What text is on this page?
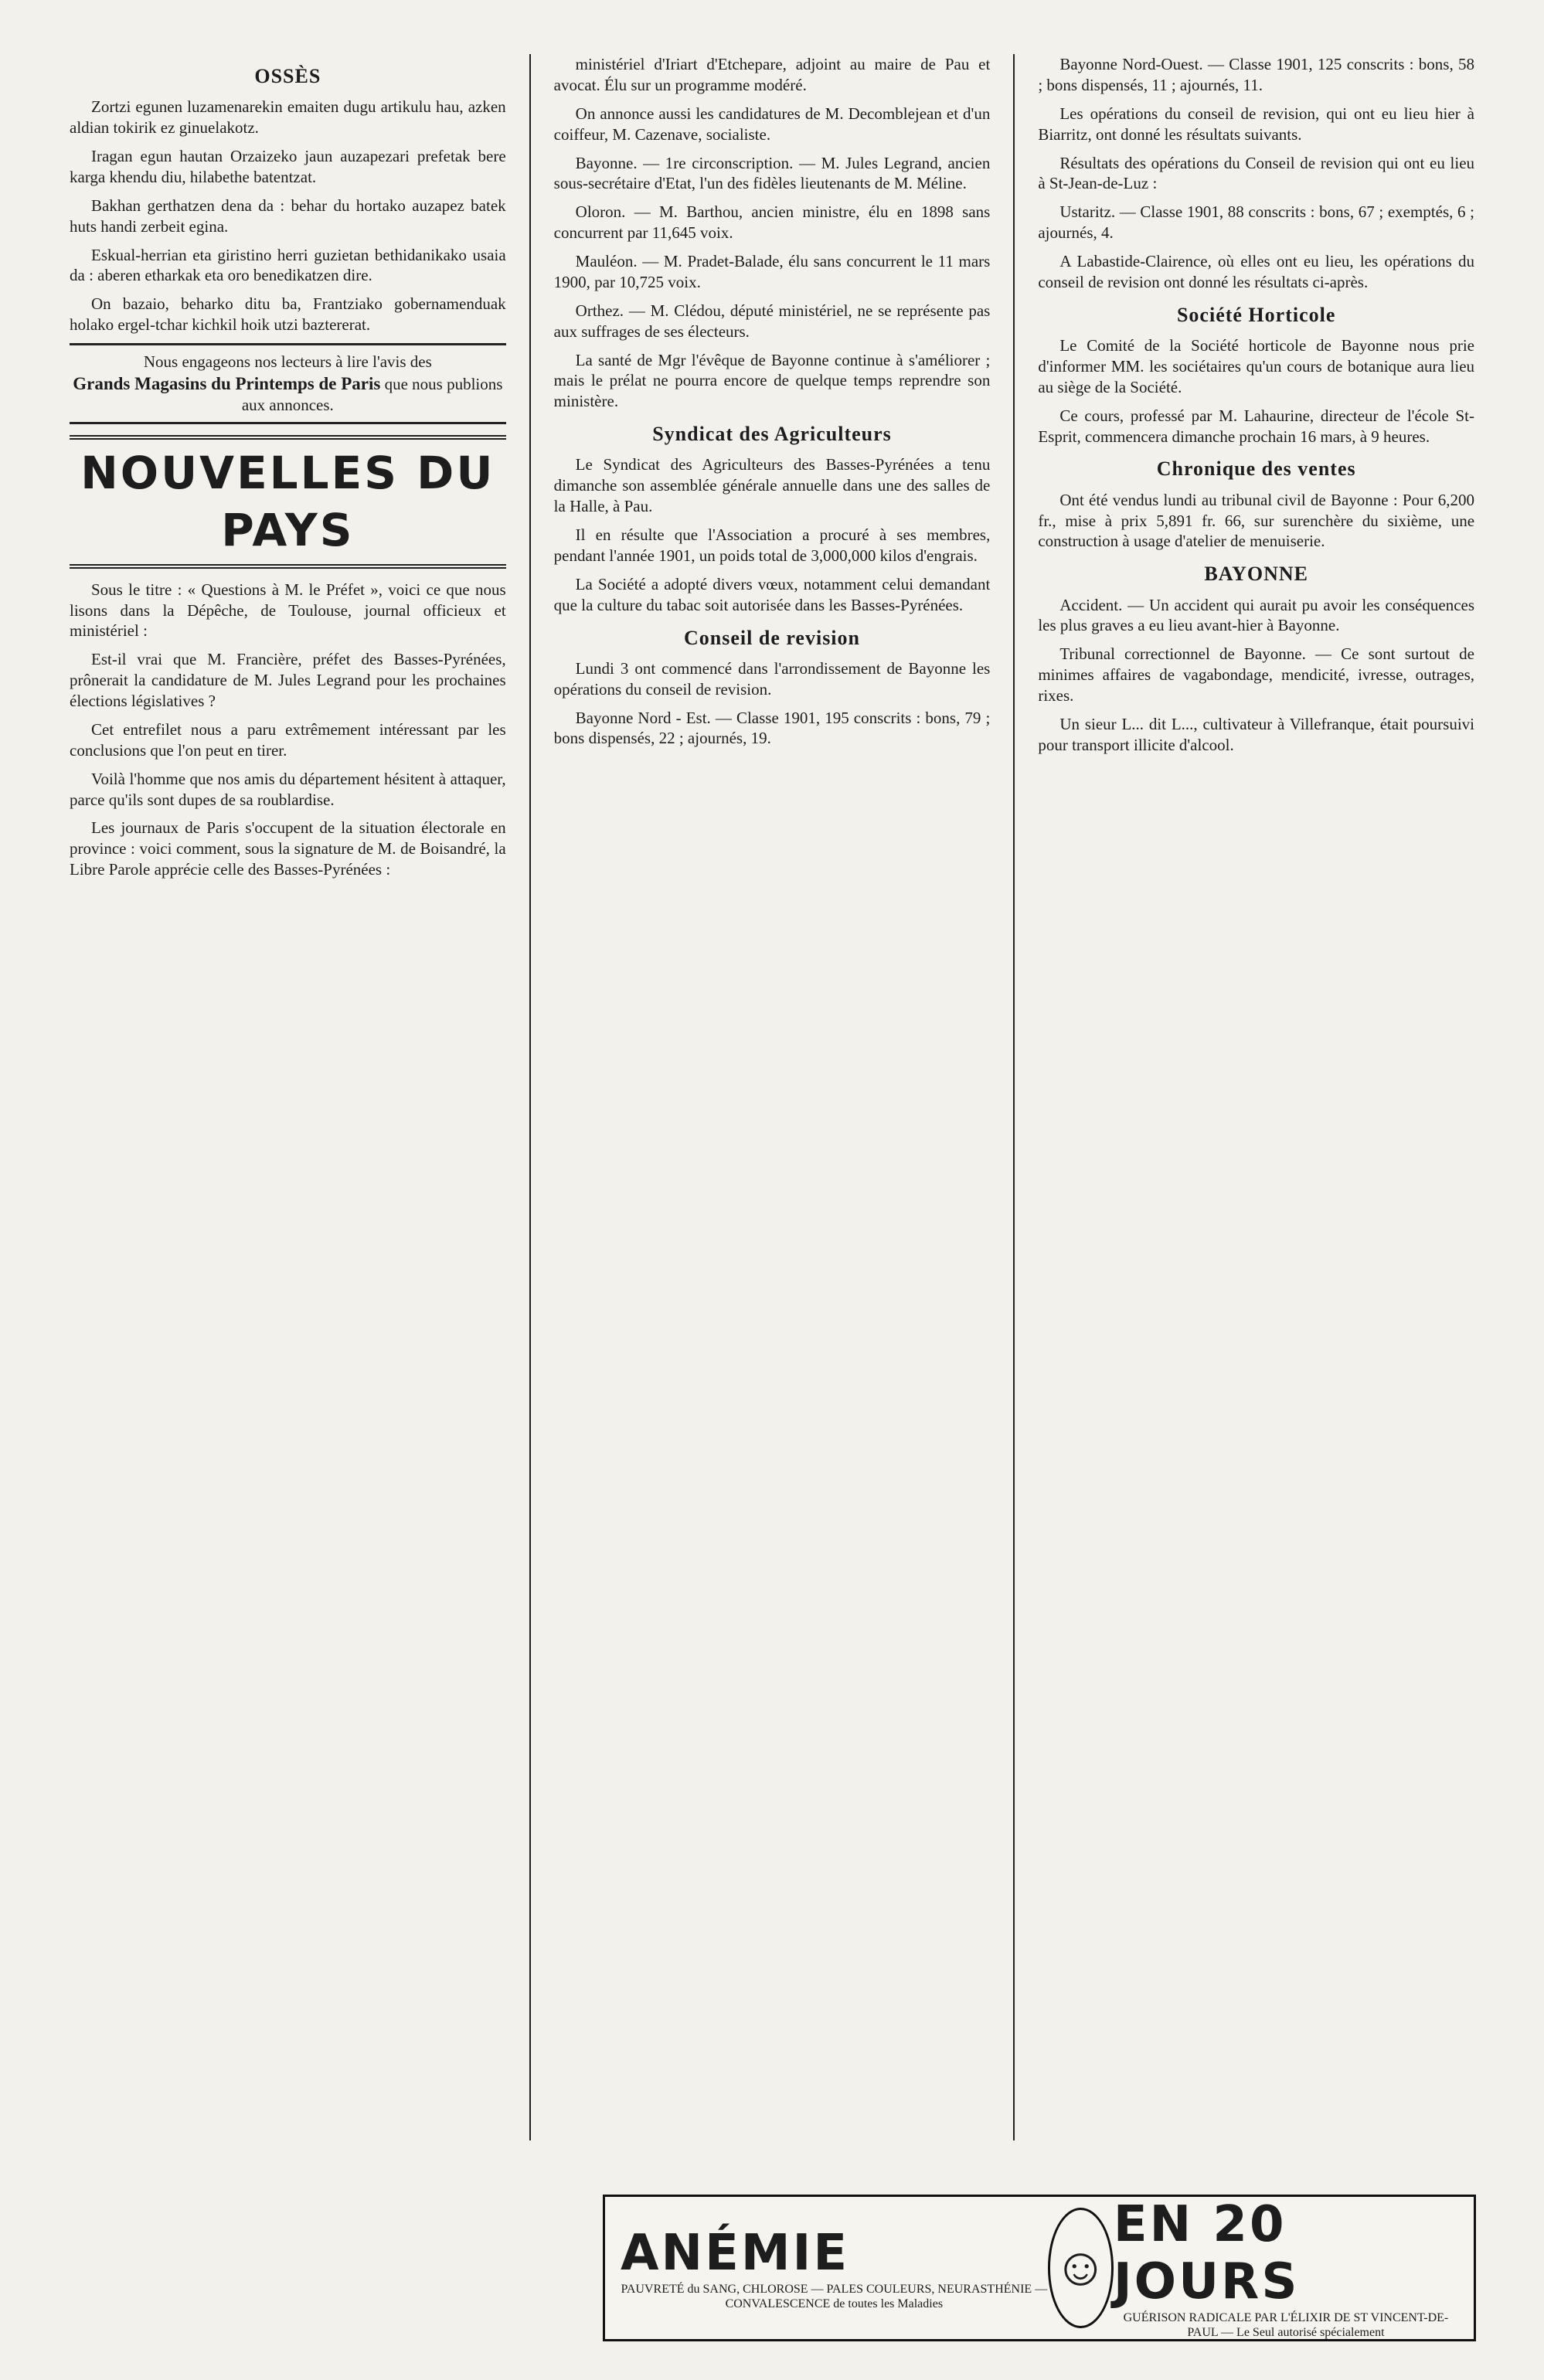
OSSÈS

Zortzi egunen luzamenarekin emaiten dugu artikulu hau, azken aldian tokirik ez ginuelakotz.

Iragan egun hautan Orzaizeko jaun auzapezari prefetak bere karga khendu diu, hilabethe batentzat.

Bakhan gerthatzen dena da : behar du hortako auzapez batek huts handi zerbeit egina.

Eskual-herrian eta giristino herri guzietan bethidanikako usaia da : aberen etharkak eta oro benedikatzen dire.

On bazaio, beharko ditu ba, Frantziako gobernamenduak holako ergel-tchar kichkil hoik utzi baztererat.

Nous engageons nos lecteurs à lire l'avis des
Grands Magasins du Printemps de Paris que nous publions aux annonces.
NOUVELLES DU PAYS

Sous le titre : « Questions à M. le Préfet », voici ce que nous lisons dans la Dépêche, de Toulouse, journal officieux et ministériel :

Est-il vrai que M. Francière, préfet des Basses-Pyrénées, prônerait la candidature de M. Jules Legrand pour les prochaines élections législatives ?

Cet entrefilet nous a paru extrêmement intéressant par les conclusions que l'on peut en tirer.

Voilà l'homme que nos amis du département hésitent à attaquer, parce qu'ils sont dupes de sa roublardise.

Les journaux de Paris s'occupent de la situation électorale en province : voici comment, sous la signature de M. de Boisandré, la Libre Parole apprécie celle des Basses-Pyrénées :

ministériel d'Iriart d'Etchepare, adjoint au maire de Pau et avocat. Élu sur un programme modéré.

On annonce aussi les candidatures de M. Decomblejean et d'un coiffeur, M. Cazenave, socialiste.

Bayonne. — 1re circonscription. — M. Jules Legrand, ancien sous-secrétaire d'Etat, l'un des fidèles lieutenants de M. Méline.

Oloron. — M. Barthou, ancien ministre, élu en 1898 sans concurrent par 11,645 voix.

Mauléon. — M. Pradet-Balade, élu sans concurrent le 11 mars 1900, par 10,725 voix.

Orthez. — M. Clédou, député ministériel, ne se représente pas aux suffrages de ses électeurs.

La santé de Mgr l'évêque de Bayonne continue à s'améliorer ; mais le prélat ne pourra encore de quelque temps reprendre son ministère.

Syndicat des Agriculteurs

Le Syndicat des Agriculteurs des Basses-Pyrénées a tenu dimanche son assemblée générale annuelle dans une des salles de la Halle, à Pau.

Il en résulte que l'Association a procuré à ses membres, pendant l'année 1901, un poids total de 3,000,000 kilos d'engrais.

La Société a adopté divers vœux, notamment celui demandant que la culture du tabac soit autorisée dans les Basses-Pyrénées.

Conseil de revision

Lundi 3 ont commencé dans l'arrondissement de Bayonne les opérations du conseil de revision.

Bayonne Nord - Est. — Classe 1901, 195 conscrits : bons, 79 ; bons dispensés, 22 ; ajournés, 19.

Bayonne Nord-Ouest. — Classe 1901, 125 conscrits : bons, 58 ; bons dispensés, 11 ; ajournés, 11.

Les opérations du conseil de revision, qui ont eu lieu hier à Biarritz, ont donné les résultats suivants.

Résultats des opérations du Conseil de revision qui ont eu lieu à St-Jean-de-Luz :

Ustaritz. — Classe 1901, 88 conscrits : bons, 67 ; exemptés, 6 ; ajournés, 4.

A Labastide-Clairence, où elles ont eu lieu, les opérations du conseil de revision ont donné les résultats ci-après.

Société Horticole

Le Comité de la Société horticole de Bayonne nous prie d'informer MM. les sociétaires qu'un cours de botanique aura lieu au siège de la Société.

Ce cours, professé par M. Lahaurine, directeur de l'école St-Esprit, commencera dimanche prochain 16 mars, à 9 heures.

Chronique des ventes

Ont été vendus lundi au tribunal civil de Bayonne : Pour 6,200 fr., mise à prix 5,891 fr. 66, sur surenchère du sixième, une construction à usage d'atelier de menuiserie.

BAYONNE

Accident. — Un accident qui aurait pu avoir les conséquences les plus graves a eu lieu avant-hier à Bayonne.

Tribunal correctionnel de Bayonne. — Ce sont surtout de minimes affaires de vagabondage, mendicité, ivresse, outrages, rixes.

Un sieur L... dit L..., cultivateur à Villefranque, était poursuivi pour transport illicite d'alcool.

ANÉMIE
PAUVRETÉ du SANG, CHLOROSE — PALES COULEURS, NEURASTHÉNIE — CONVALESCENCE de toutes les Maladies
☺
EN 20 JOURS
GUÉRISON RADICALE PAR L'ÉLIXIR DE ST VINCENT-DE-PAUL — Le Seul autorisé spécialement
